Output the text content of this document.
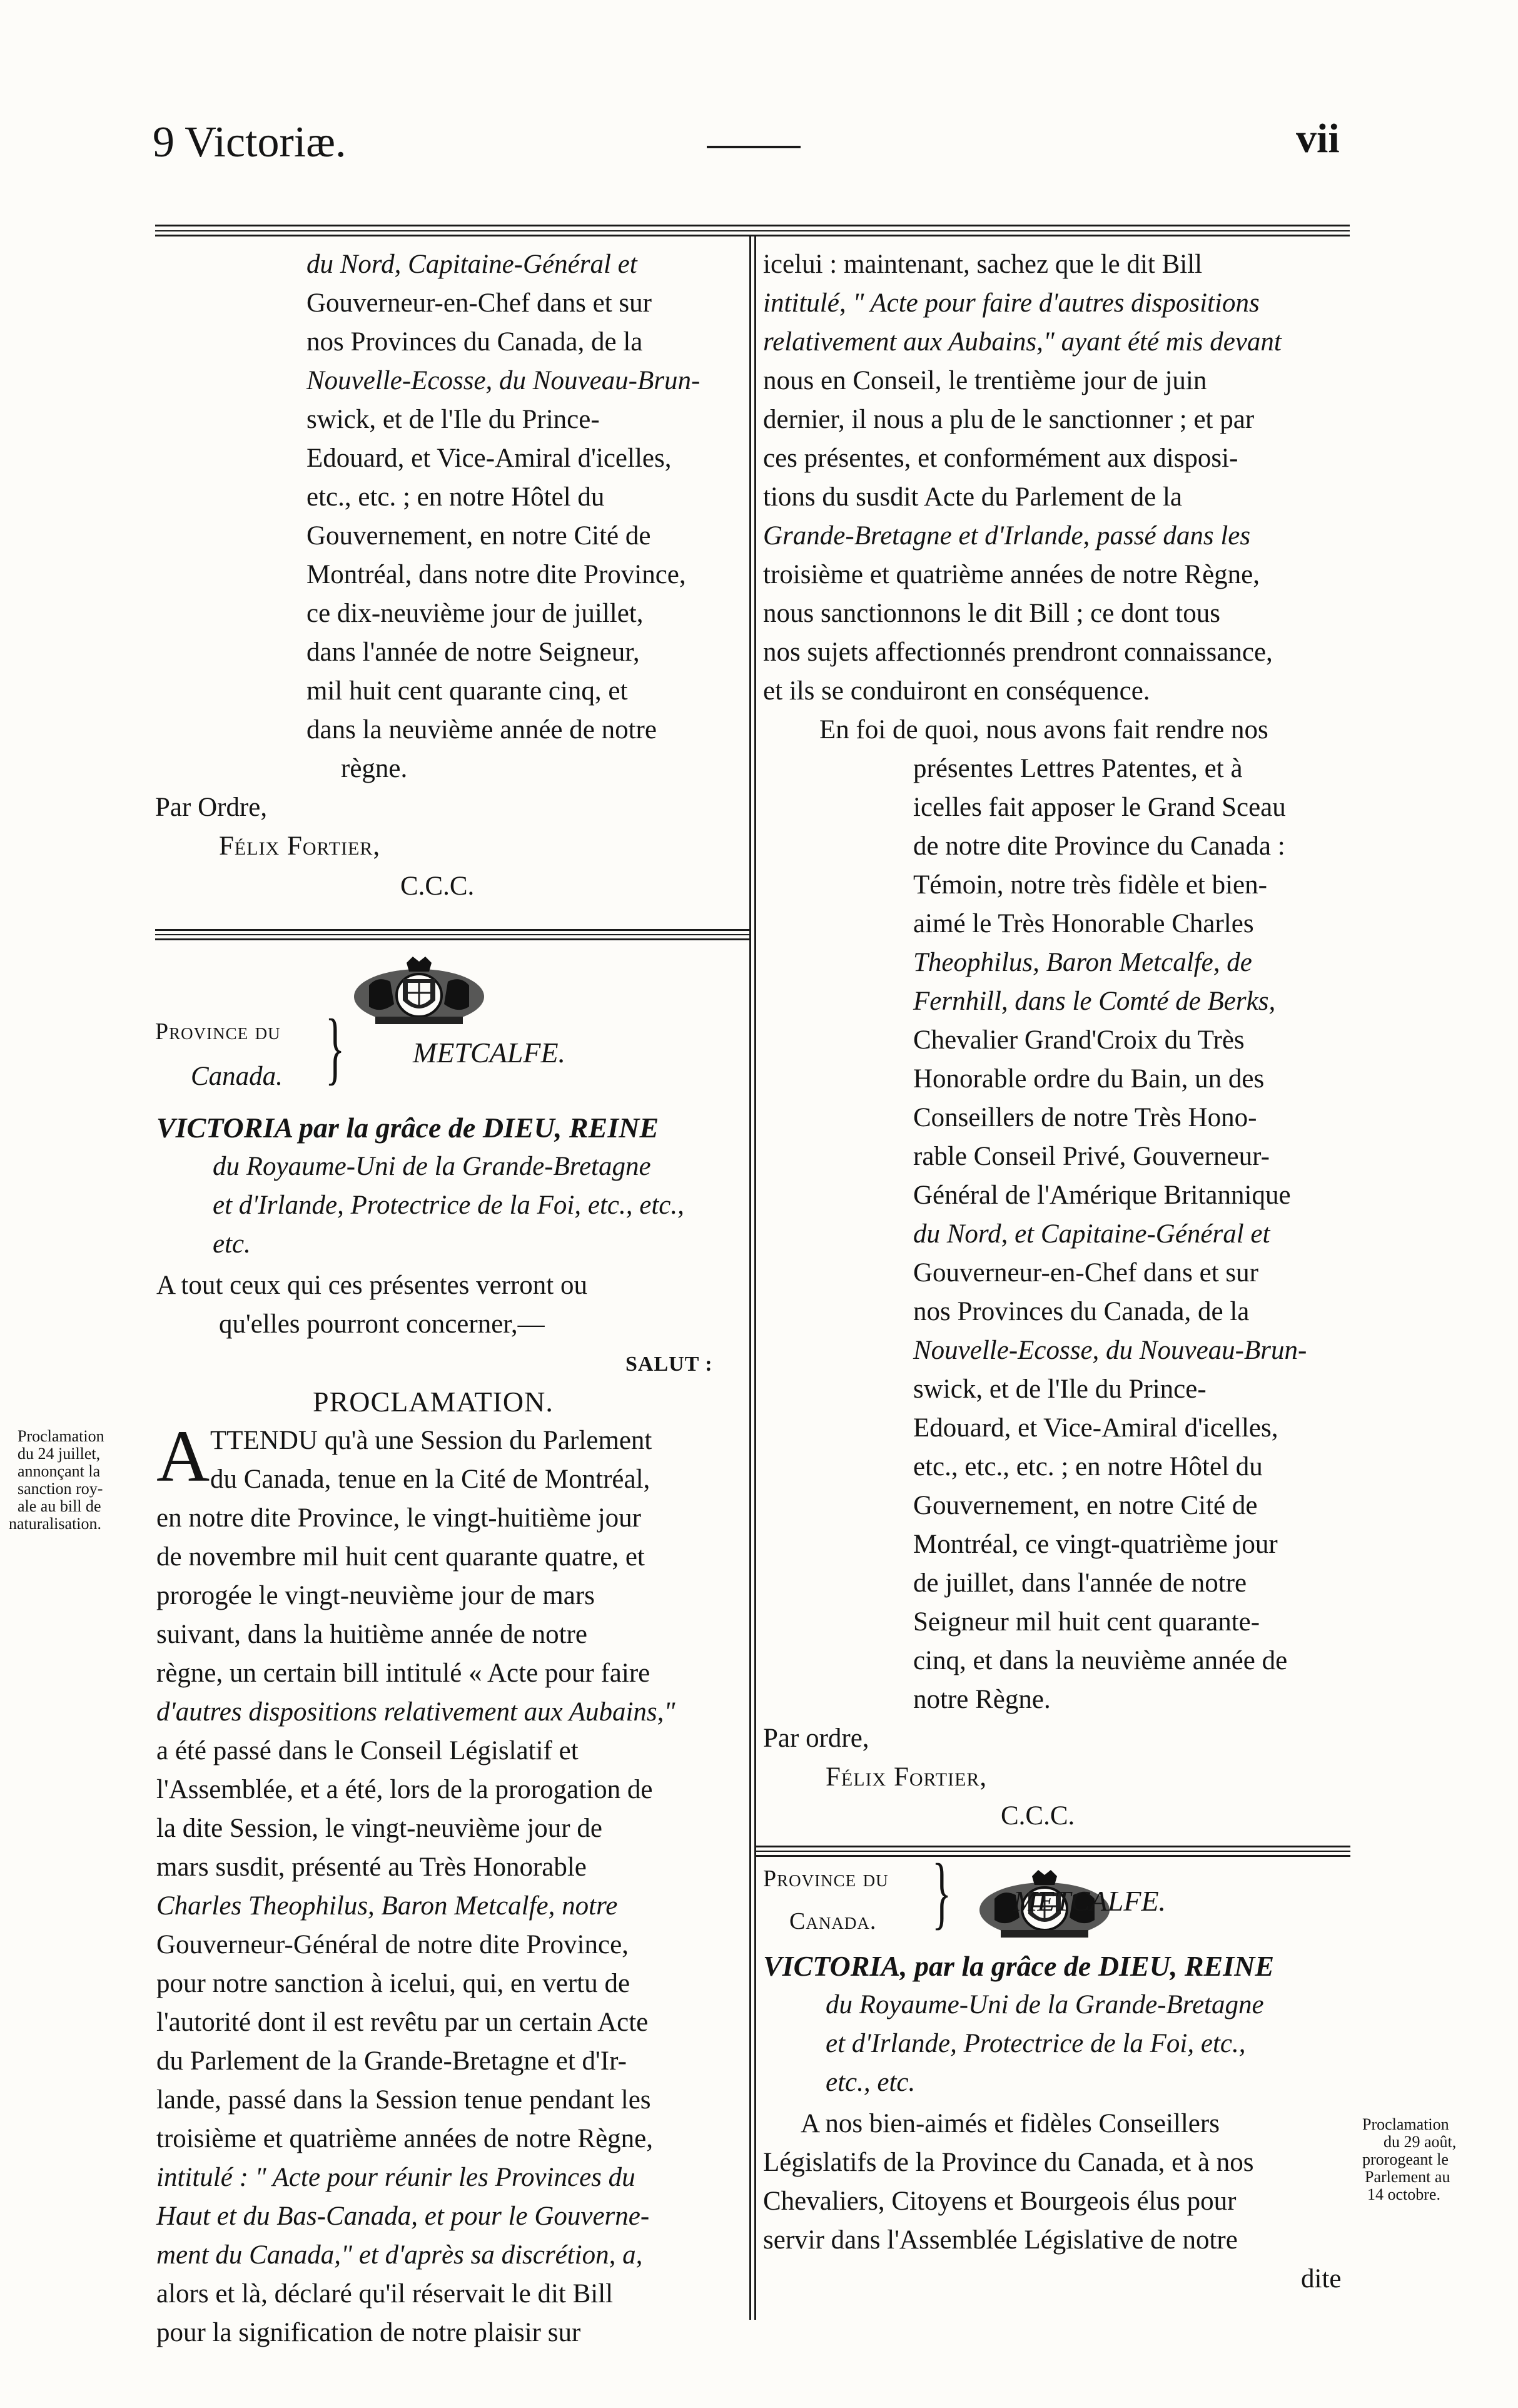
9 Victoriæ.	vii
du Nord, Capitaine-Général et
Gouverneur-en-Chef dans et sur
nos Provinces du Canada, de la
Nouvelle-Ecosse, du Nouveau-Brun-
swick, et de l'Ile du Prince-
Edouard, et Vice-Amiral d'icelles,
etc., etc. ; en notre Hôtel du
Gouvernement, en notre Cité de
Montréal, dans notre dite Province,
ce dix-neuvième jour de juillet,
dans l'année de notre Seigneur,
mil huit cent quarante cinq, et
dans la neuvième année de notre
règne.
Par Ordre,
Félix Fortier,
C.C.C.
Province du
Canada. } METCALFE.
VICTORIA par la grâce de DIEU, REINE
du Royaume-Uni de la Grande-Bretagne
et d'Irlande, Protectrice de la Foi, etc., etc.,
etc.
A tout ceux qui ces présentes verront ou
qu'elles pourront concerner,—
SALUT :
PROCLAMATION.
A TTENDU qu'à une Session du Parlement
du Canada, tenue en la Cité de Montréal,
en notre dite Province, le vingt-huitième jour
de novembre mil huit cent quarante quatre, et
prorogée le vingt-neuvième jour de mars
suivant, dans la huitième année de notre
règne, un certain bill intitulé « Acte pour faire
d'autres dispositions relativement aux Aubains,"
a été passé dans le Conseil Législatif et
l'Assemblée, et a été, lors de la prorogation de
la dite Session, le vingt-neuvième jour de
mars susdit, présenté au Très Honorable
Charles Theophilus, Baron Metcalfe, notre
Gouverneur-Général de notre dite Province,
pour notre sanction à icelui, qui, en vertu de
l'autorité dont il est revêtu par un certain Acte
du Parlement de la Grande-Bretagne et d'Ir-
lande, passé dans la Session tenue pendant les
troisième et quatrième années de notre Règne,
intitulé : " Acte pour réunir les Provinces du
Haut et du Bas-Canada, et pour le Gouverne-
ment du Canada," et d'après sa discrétion, a,
alors et là, déclaré qu'il réservait le dit Bill
pour la signification de notre plaisir sur
Proclamation
du 24 juillet,
annonçant la
sanction roy-
ale au bill de
naturalisation.
icelui : maintenant, sachez que le dit Bill
intitulé, " Acte pour faire d'autres dispositions
relativement aux Aubains," ayant été mis devant
nous en Conseil, le trentième jour de juin
dernier, il nous a plu de le sanctionner ; et par
ces présentes, et conformément aux disposi-
tions du susdit Acte du Parlement de la
Grande-Bretagne et d'Irlande, passé dans les
troisième et quatrième années de notre Règne,
nous sanctionnons le dit Bill ; ce dont tous
nos sujets affectionnés prendront connaissance,
et ils se conduiront en conséquence.
En foi de quoi, nous avons fait rendre nos
présentes Lettres Patentes, et à
icelles fait apposer le Grand Sceau
de notre dite Province du Canada :
Témoin, notre très fidèle et bien-
aimé le Très Honorable Charles
Theophilus, Baron Metcalfe, de
Fernhill, dans le Comté de Berks,
Chevalier Grand'Croix du Très
Honorable ordre du Bain, un des
Conseillers de notre Très Hono-
rable Conseil Privé, Gouverneur-
Général de l'Amérique Britannique
du Nord, et Capitaine-Général et
Gouverneur-en-Chef dans et sur
nos Provinces du Canada, de la
Nouvelle-Ecosse, du Nouveau-Brun-
swick, et de l'Ile du Prince-
Edouard, et Vice-Amiral d'icelles,
etc., etc., etc. ; en notre Hôtel du
Gouvernement, en notre Cité de
Montréal, ce vingt-quatrième jour
de juillet, dans l'année de notre
Seigneur mil huit cent quarante-
cinq, et dans la neuvième année de
notre Règne.
Par ordre,
Félix Fortier,
C.C.C.
Province du
Canada. } METCALFE.
VICTORIA, par la grâce de DIEU, REINE
du Royaume-Uni de la Grande-Bretagne
et d'Irlande, Protectrice de la Foi, etc.,
etc., etc.
A nos bien-aimés et fidèles Conseillers
Législatifs de la Province du Canada, et à nos
Chevaliers, Citoyens et Bourgeois élus pour
servir dans l'Assemblée Législative de notre
dite
Proclamation
du 29 août,
prorogeant le
Parlement au
14 octobre.
